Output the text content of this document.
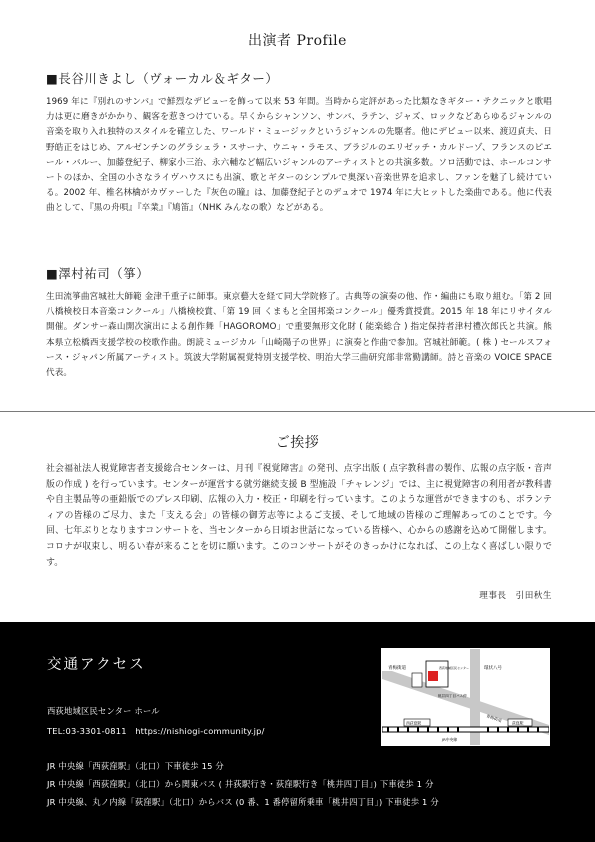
出演者 Profile
■長谷川きよし（ヴォーカル＆ギター）

1969 年に『別れのサンバ』で鮮烈なデビューを飾って以来 53 年間。当時から定評があった比類なきギター・テクニックと歌唱力は更に磨きがかかり、観客を惹きつけている。早くからシャンソン、サンバ、ラテン、ジャズ、ロックなどあらゆるジャンルの音楽を取り入れ独特のスタイルを確立した、ワールド・ミュージックというジャンルの先駆者。他にデビュー以来、渡辺貞夫、日野皓正をはじめ、アルゼンチンのグラシェラ・スサーナ、ウニャ・ラモス、ブラジルのエリゼッチ・カルドーゾ、フランスのピエール・バルー、加藤登紀子、柳家小三治、永六輔など幅広いジャンルのアーティストとの共演多数。ソロ活動では、ホールコンサートのほか、全国の小さなライヴハウスにも出演、歌とギターのシンプルで奥深い音楽世界を追求し、ファンを魅了し続けている。2002 年、椎名林檎がカヴァーした『灰色の瞳』は、加藤登紀子とのデュオで 1974 年に大ヒットした楽曲である。他に代表曲として、『黒の舟唄』『卒業』『鳩笛』（NHK みんなの歌）などがある。

■澤村祐司（箏）

生田流箏曲宮城社大師範 金津千重子に師事。東京藝大を経て同大学院修了。古典等の演奏の他、作・編曲にも取り組む。「第 2 回 八橋検校日本音楽コンクール」八橋検校賞、「第 19 回 くまもと全国邦楽コンクール」優秀賞授賞。2015 年 18 年にリサイタル開催。ダンサー森山開次演出による創作舞「HAGOROMO」で重要無形文化財 ( 能楽総合 ) 指定保持者津村禮次郎氏と共演。熊本県立松橋西支援学校の校歌作曲。朗読ミュージカル「山崎陽子の世界」に演奏と作曲で参加。宮城社師範。( 株 ) セールスフォース・ジャパン所属アーティスト。筑波大学附属視覚特別支援学校、明治大学三曲研究部非常勤講師。詩と音楽の VOICE SPACE 代表。

ご挨拶

社会福祉法人視覚障害者支援総合センターは、月刊『視覚障害』の発刊、点字出版 ( 点字教科書の製作、広報の点字版・音声版の作成 ) を行っています。センターが運営する就労継続支援 B 型施設「チャレンジ」では、主に視覚障害の利用者が教科書や自主製品等の亜鉛版でのプレス印刷、広報の入力・校正・印刷を行っています。このような運営ができますのも、ボランティアの皆様のご尽力、また「支える会」の皆様の御芳志等によるご支援、そして地域の皆様のご理解あってのことです。今回、七年ぶりとなりますコンサートを、当センターから日頃お世話になっている皆様へ、心からの感謝を込めて開催します。コロナが収束し、明るい春が来ることを切に願います。このコンサートがそのきっかけになれば、この上なく喜ばしい限りです。

理事長　引田秋生
交通アクセス
西荻地域区民センター ホール
TEL:03-3301-0811　https://nishiogi-community.jp/
JR 中央線「西荻窪駅」（北口）下車徒歩 15 分
JR 中央線「西荻窪駅」（北口）から関東バス ( 井荻駅行き・荻窪駅行き「桃井四丁目」) 下車徒歩 1 分
JR 中央線、丸ノ内線「荻窪駅」（北口）からバス (0 番、1 番停留所乗車「桃井四丁目」) 下車徒歩 1 分
青梅街道	環状八号
青梅街道
桃井四丁目バス停
西荻地域区民センター
西荻窪駅	荻窪駅
JR中央線
